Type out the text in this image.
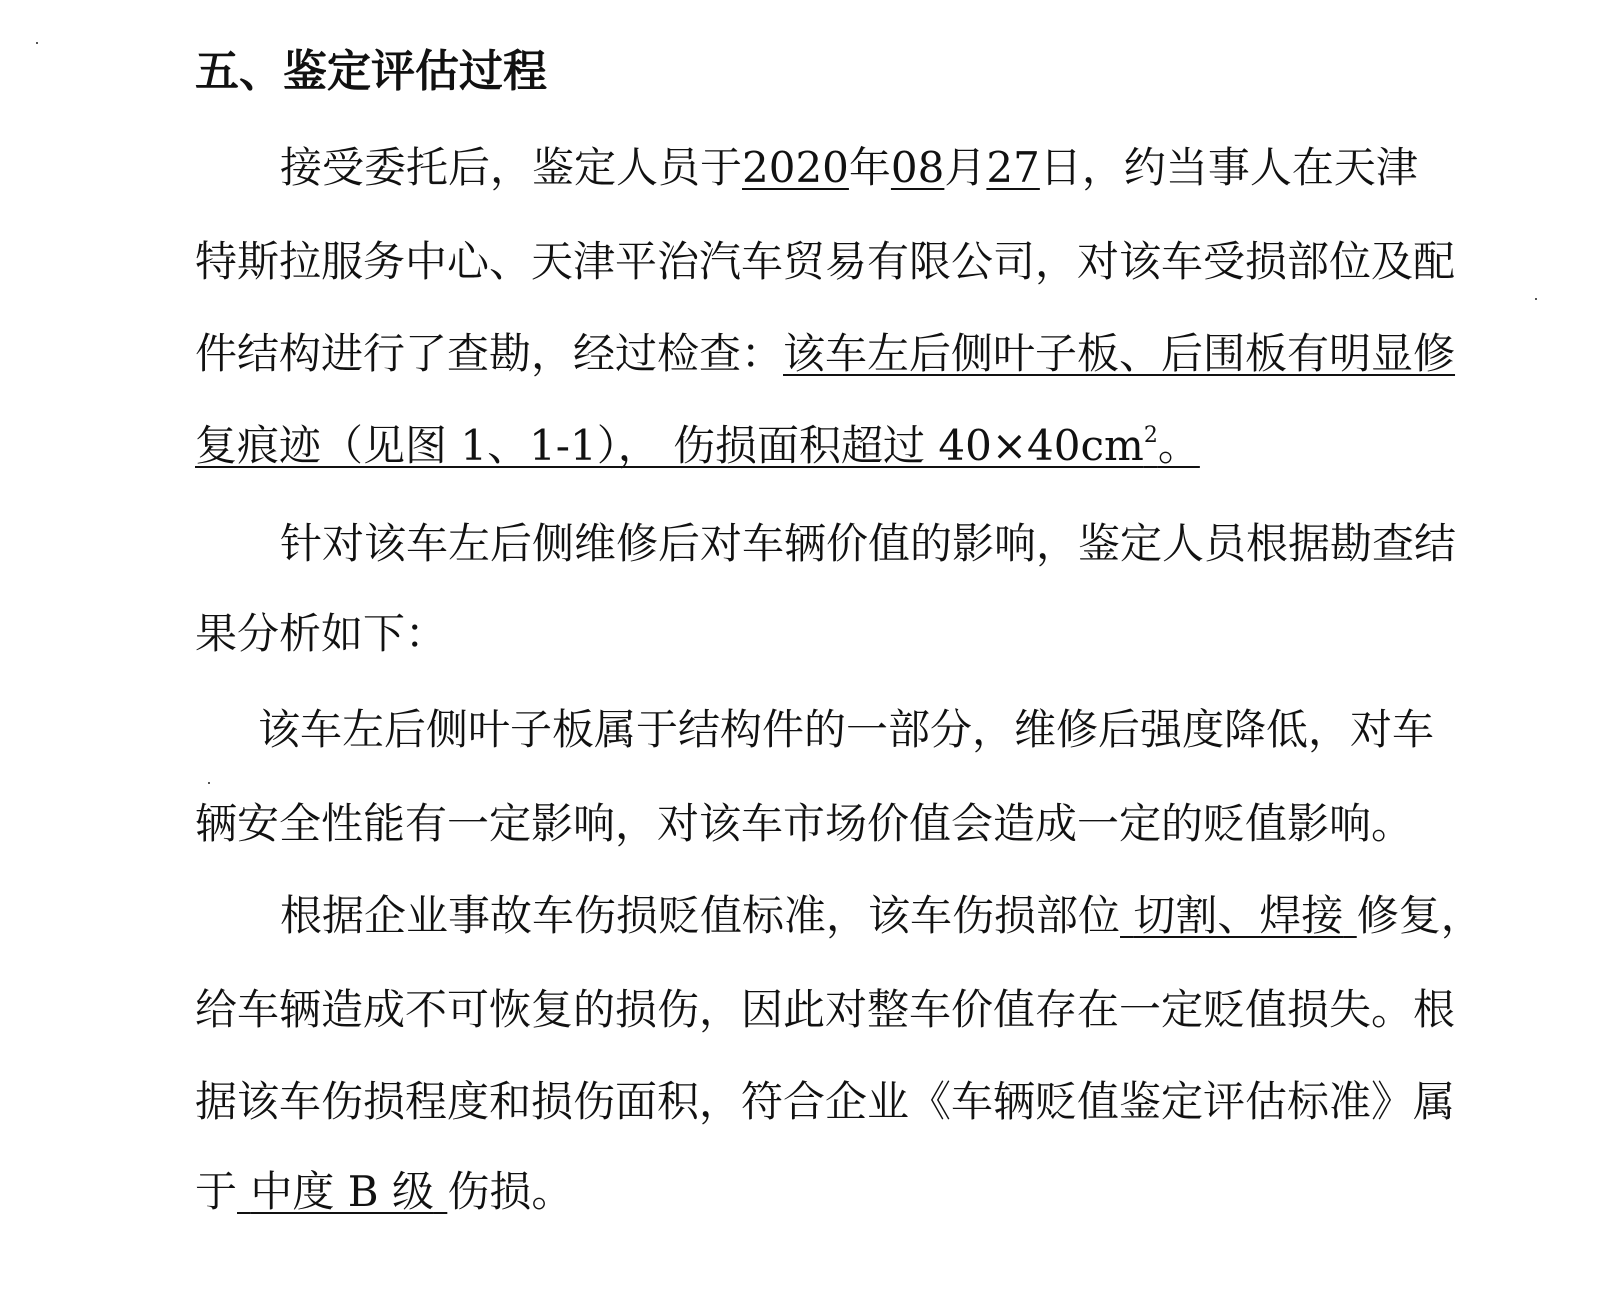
五、鉴定评估过程
接受委托后，鉴定人员于2020年08月27日，约当事人在天津
特斯拉服务中心、天津平治汽车贸易有限公司，对该车受损部位及配
件结构进行了查勘，经过检查：该车左后侧叶子板、后围板有明显修
复痕迹（见图 1、1-1）， 伤损面积超过 $40\times 40cm^2$。
针对该车左后侧维修后对车辆价值的影响，鉴定人员根据勘查结
果分析如下：
该车左后侧叶子板属于结构件的一部分，维修后强度降低，对车
辆安全性能有一定影响，对该车市场价值会造成一定的贬值影响。
根据企业事故车伤损贬值标准，该车伤损部位 切割、焊接 修复，
给车辆造成不可恢复的损伤，因此对整车价值存在一定贬值损失。根
据该车伤损程度和损伤面积，符合企业《车辆贬值鉴定评估标准》属
于 中度 B 级 伤损。
